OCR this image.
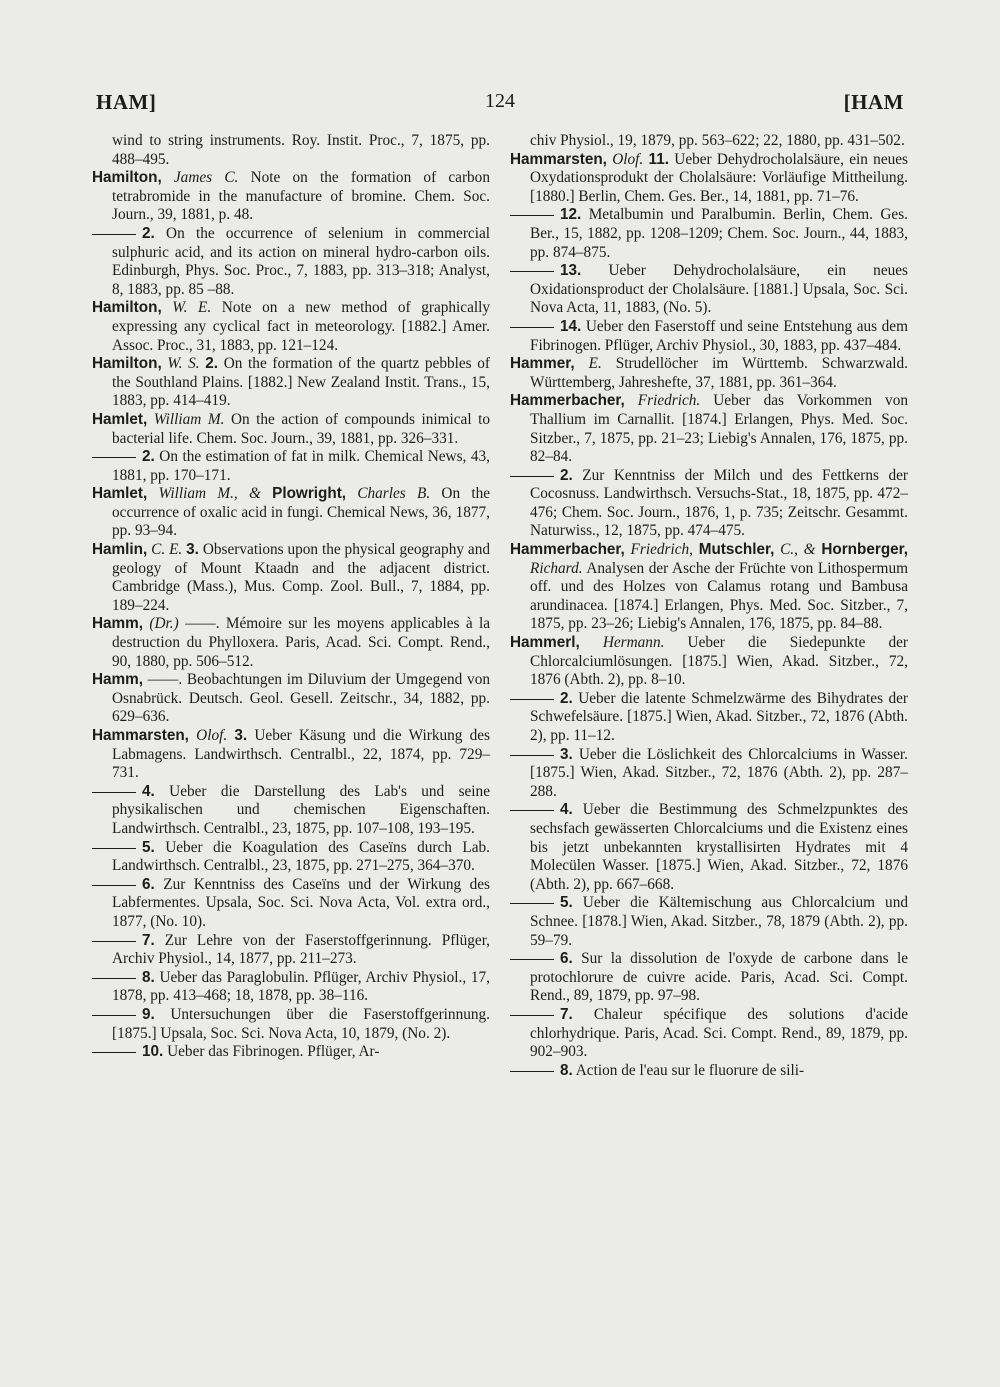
HAM]	124	[HAM

wind to string instruments. Roy. Instit. Proc., 7, 1875, pp. 488–495.

Hamilton, James C. Note on the formation of carbon tetrabromide in the manufacture of bromine. Chem. Soc. Journ., 39, 1881, p. 48.

2. On the occurrence of selenium in commercial sulphuric acid, and its action on mineral hydro-carbon oils. Edinburgh, Phys. Soc. Proc., 7, 1883, pp. 313–318; Analyst, 8, 1883, pp. 85 –88.

Hamilton, W. E. Note on a new method of graphically expressing any cyclical fact in meteorology. [1882.] Amer. Assoc. Proc., 31, 1883, pp. 121–124.

Hamilton, W. S. 2. On the formation of the quartz pebbles of the Southland Plains. [1882.] New Zealand Instit. Trans., 15, 1883, pp. 414–419.

Hamlet, William M. On the action of compounds inimical to bacterial life. Chem. Soc. Journ., 39, 1881, pp. 326–331.

2. On the estimation of fat in milk. Chemical News, 43, 1881, pp. 170–171.

Hamlet, William M., & Plowright, Charles B. On the occurrence of oxalic acid in fungi. Chemical News, 36, 1877, pp. 93–94.

Hamlin, C. E. 3. Observations upon the physical geography and geology of Mount Ktaadn and the adjacent district. Cambridge (Mass.), Mus. Comp. Zool. Bull., 7, 1884, pp. 189–224.

Hamm, (Dr.) ——. Mémoire sur les moyens applicables à la destruction du Phylloxera. Paris, Acad. Sci. Compt. Rend., 90, 1880, pp. 506–512.

Hamm, ——. Beobachtungen im Diluvium der Umgegend von Osnabrück. Deutsch. Geol. Gesell. Zeitschr., 34, 1882, pp. 629–636.

Hammarsten, Olof. 3. Ueber Käsung und die Wirkung des Labmagens. Landwirthsch. Centralbl., 22, 1874, pp. 729–731.

4. Ueber die Darstellung des Lab's und seine physikalischen und chemischen Eigenschaften. Landwirthsch. Centralbl., 23, 1875, pp. 107–108, 193–195.

5. Ueber die Koagulation des Caseïns durch Lab. Landwirthsch. Centralbl., 23, 1875, pp. 271–275, 364–370.

6. Zur Kenntniss des Caseïns und der Wirkung des Labfermentes. Upsala, Soc. Sci. Nova Acta, Vol. extra ord., 1877, (No. 10).

7. Zur Lehre von der Faserstoffgerinnung. Pflüger, Archiv Physiol., 14, 1877, pp. 211–273.

8. Ueber das Paraglobulin. Pflüger, Archiv Physiol., 17, 1878, pp. 413–468; 18, 1878, pp. 38–116.

9. Untersuchungen über die Faserstoffgerinnung. [1875.] Upsala, Soc. Sci. Nova Acta, 10, 1879, (No. 2).

10. Ueber das Fibrinogen. Pflüger, Ar-

chiv Physiol., 19, 1879, pp. 563–622; 22, 1880, pp. 431–502.

Hammarsten, Olof. 11. Ueber Dehydrocholalsäure, ein neues Oxydationsprodukt der Cholalsäure: Vorläufige Mittheilung. [1880.] Berlin, Chem. Ges. Ber., 14, 1881, pp. 71–76.

12. Metalbumin und Paralbumin. Berlin, Chem. Ges. Ber., 15, 1882, pp. 1208–1209; Chem. Soc. Journ., 44, 1883, pp. 874–875.

13. Ueber Dehydrocholalsäure, ein neues Oxidationsproduct der Cholalsäure. [1881.] Upsala, Soc. Sci. Nova Acta, 11, 1883, (No. 5).

14. Ueber den Faserstoff und seine Entstehung aus dem Fibrinogen. Pflüger, Archiv Physiol., 30, 1883, pp. 437–484.

Hammer, E. Strudellöcher im Württemb. Schwarzwald. Württemberg, Jahreshefte, 37, 1881, pp. 361–364.

Hammerbacher, Friedrich. Ueber das Vorkommen von Thallium im Carnallit. [1874.] Erlangen, Phys. Med. Soc. Sitzber., 7, 1875, pp. 21–23; Liebig's Annalen, 176, 1875, pp. 82–84.

2. Zur Kenntniss der Milch und des Fettkerns der Cocosnuss. Landwirthsch. Versuchs-Stat., 18, 1875, pp. 472–476; Chem. Soc. Journ., 1876, 1, p. 735; Zeitschr. Gesammt. Naturwiss., 12, 1875, pp. 474–475.

Hammerbacher, Friedrich, Mutschler, C., & Hornberger, Richard. Analysen der Asche der Früchte von Lithospermum off. und des Holzes von Calamus rotang und Bambusa arundinacea. [1874.] Erlangen, Phys. Med. Soc. Sitzber., 7, 1875, pp. 23–26; Liebig's Annalen, 176, 1875, pp. 84–88.

Hammerl, Hermann. Ueber die Siedepunkte der Chlorcalciumlösungen. [1875.] Wien, Akad. Sitzber., 72, 1876 (Abth. 2), pp. 8–10.

2. Ueber die latente Schmelzwärme des Bihydrates der Schwefelsäure. [1875.] Wien, Akad. Sitzber., 72, 1876 (Abth. 2), pp. 11–12.

3. Ueber die Löslichkeit des Chlorcalciums in Wasser. [1875.] Wien, Akad. Sitzber., 72, 1876 (Abth. 2), pp. 287–288.

4. Ueber die Bestimmung des Schmelzpunktes des sechsfach gewässerten Chlorcalciums und die Existenz eines bis jetzt unbekannten krystallisirten Hydrates mit 4 Molecülen Wasser. [1875.] Wien, Akad. Sitzber., 72, 1876 (Abth. 2), pp. 667–668.

5. Ueber die Kältemischung aus Chlorcalcium und Schnee. [1878.] Wien, Akad. Sitzber., 78, 1879 (Abth. 2), pp. 59–79.

6. Sur la dissolution de l'oxyde de carbone dans le protochlorure de cuivre acide. Paris, Acad. Sci. Compt. Rend., 89, 1879, pp. 97–98.

7. Chaleur spécifique des solutions d'acide chlorhydrique. Paris, Acad. Sci. Compt. Rend., 89, 1879, pp. 902–903.

8. Action de l'eau sur le fluorure de sili-
